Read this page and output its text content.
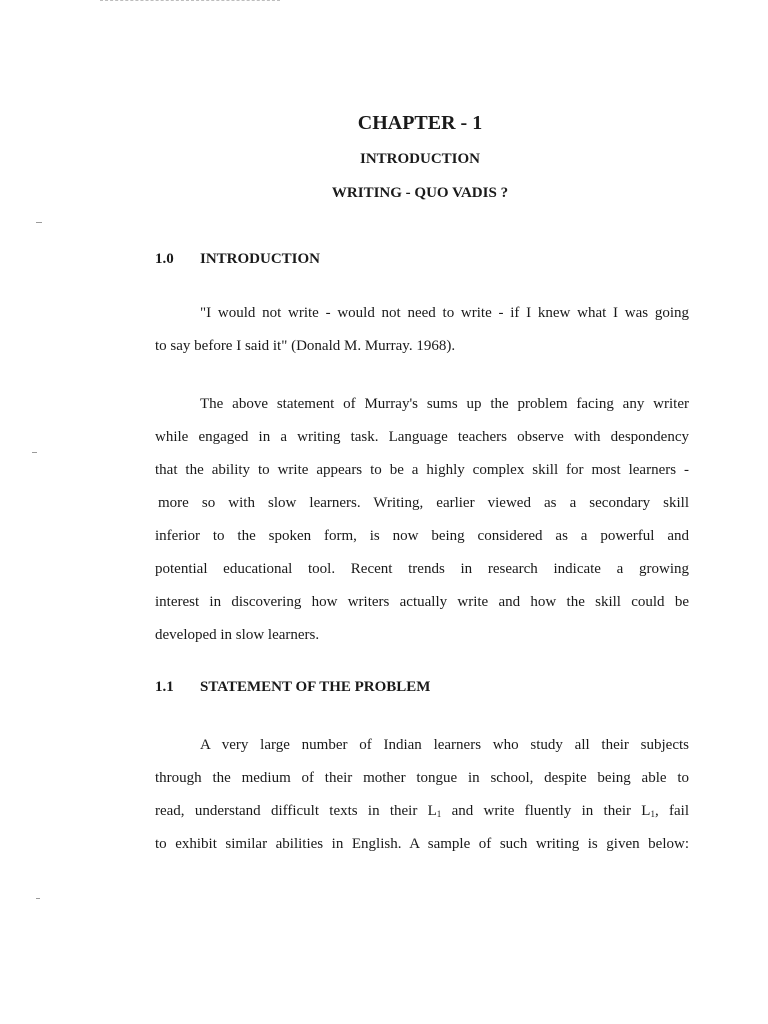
CHAPTER - 1
INTRODUCTION
WRITING - QUO VADIS ?
1.0 INTRODUCTION
"I would not write - would not need to write - if I knew what I was going
to say before I said it" (Donald M. Murray. 1968).
The above statement of Murray's sums up the problem facing any writer
while engaged in a writing task. Language teachers observe with despondency
that the ability to write appears to be a highly complex skill for most learners -
more so with slow learners. Writing, earlier viewed as a secondary skill
inferior to the spoken form, is now being considered as a powerful and
potential educational tool. Recent trends in research indicate a growing
interest in discovering how writers actually write and how the skill could be
developed in slow learners.
1.1 STATEMENT OF THE PROBLEM
A very large number of Indian learners who study all their subjects
through the medium of their mother tongue in school, despite being able to
read, understand difficult texts in their $L_1$ and write fluently in their $L_1$, fail
to exhibit similar abilities in English. A sample of such writing is given below:
